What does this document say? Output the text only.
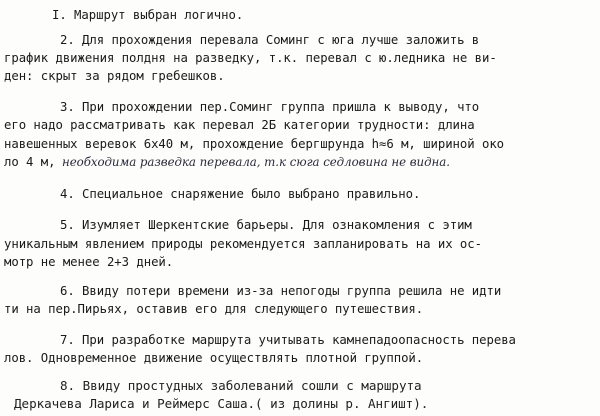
I. Маршрут выбран логично.
2. Для прохождения перевала Соминг с юга лучше заложить в
график движения полдня на разведку, т.к. перевал с ю.ледника не ви-
ден: скрыт за рядом гребешков.
3. При прохождении пер.Соминг группа пришла к выводу, что
его надо рассматривать как перевал 2Б категории трудности: длина
навешенных веревок 6х40 м, прохождение бергшрунда h≈6 м, шириной око
ло 4 м, необходима разведка перевала, т.к сюга седловина не видна.
4. Специальное снаряжение было выбрано правильно.
5. Изумляет Шеркентские барьеры. Для ознакомления с этим
уникальным явлением природы рекомендуется запланировать на их ос-
мотр не менее 2+3 дней.
6. Ввиду потери времени из-за непогоды группа решила не идти
ти на пер.Пирьях, оставив его для следующего путешествия.
7. При разработке маршрута учитывать камнепадоопасность перева
лов. Одновременное движение осуществлять плотной группой.
8. Ввиду простудных заболеваний сошли с маршрута
Деркачева Лариса и Реймерс Саша.( из долины р. Ангишт).
